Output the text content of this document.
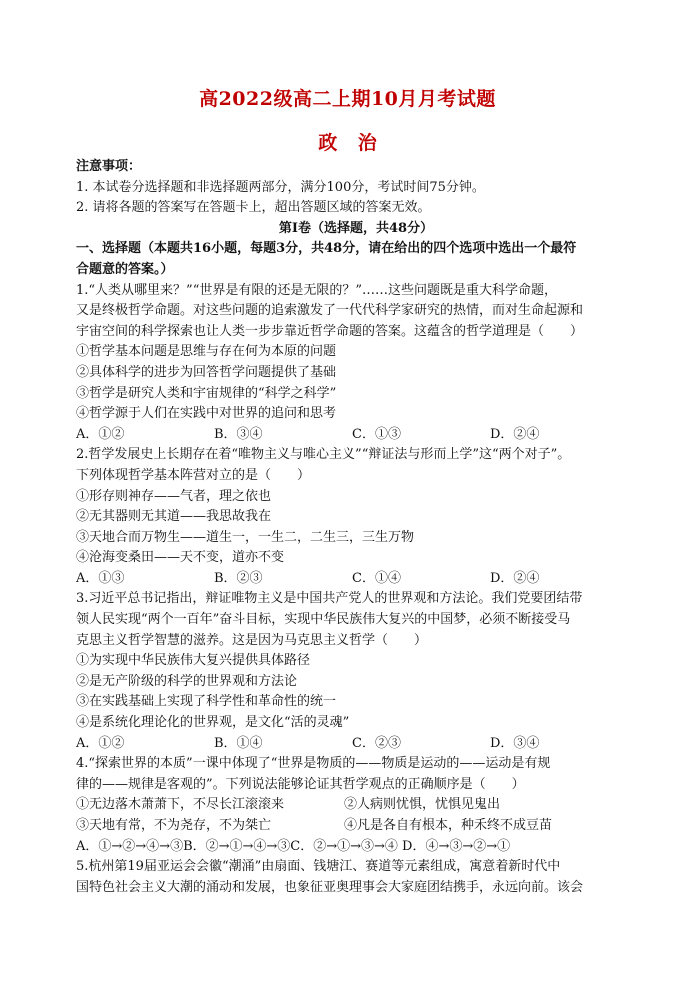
高2022级高二上期10月月考试题
政 治
注意事项：
1. 本试卷分选择题和非选择题两部分，满分100分，考试时间75分钟。
2. 请将各题的答案写在答题卡上，超出答题区域的答案无效。
第Ⅰ卷（选择题，共48分）
一、选择题（本题共16小题，每题3分，共48分，请在给出的四个选项中选出一个最符
合题意的答案。）
1.“人类从哪里来？”“世界是有限的还是无限的？”……这些问题既是重大科学命题，
又是终极哲学命题。对这些问题的追索激发了一代代科学家研究的热情，而对生命起源和
宇宙空间的科学探索也让人类一步步靠近哲学命题的答案。这蕴含的哲学道理是（　　）
①哲学基本问题是思维与存在何为本原的问题
②具体科学的进步为回答哲学问题提供了基础
③哲学是研究人类和宇宙规律的“科学之科学”
④哲学源于人们在实践中对世界的追问和思考
A．①②	B．③④	C．①③	D．②④
2.哲学发展史上长期存在着“唯物主义与唯心主义”“辩证法与形而上学”这“两个对子”。
下列体现哲学基本阵营对立的是（　　）
①形存则神存——气者，理之依也
②无其器则无其道——我思故我在
③天地合而万物生——道生一，一生二，二生三，三生万物
④沧海变桑田——天不变，道亦不变
A．①③	B．②③	C．①④	D．②④
3.习近平总书记指出，辩证唯物主义是中国共产党人的世界观和方法论。我们党要团结带
领人民实现“两个一百年”奋斗目标，实现中华民族伟大复兴的中国梦，必须不断接受马
克思主义哲学智慧的滋养。这是因为马克思主义哲学（　　）
①为实现中华民族伟大复兴提供具体路径
②是无产阶级的科学的世界观和方法论
③在实践基础上实现了科学性和革命性的统一
④是系统化理论化的世界观，是文化“活的灵魂”
A．①②	B．①④	C．②③	D．③④
4.“探索世界的本质”一课中体现了“世界是物质的——物质是运动的——运动是有规
律的——规律是客观的”。下列说法能够论证其哲学观点的正确顺序是（　　）
①无边落木萧萧下，不尽长江滚滚来	②人病则忧惧，忧惧见鬼出
③天地有常，不为尧存，不为桀亡	④凡是各自有根本，种禾终不成豆苗
A．①→②→④→③B．②→①→④→③C．②→①→③→④ D．④→③→②→①
5.杭州第19届亚运会会徽“潮涌”由扇面、钱塘江、赛道等元素组成，寓意着新时代中
国特色社会主义大潮的涌动和发展，也象征亚奥理事会大家庭团结携手，永远向前。该会
